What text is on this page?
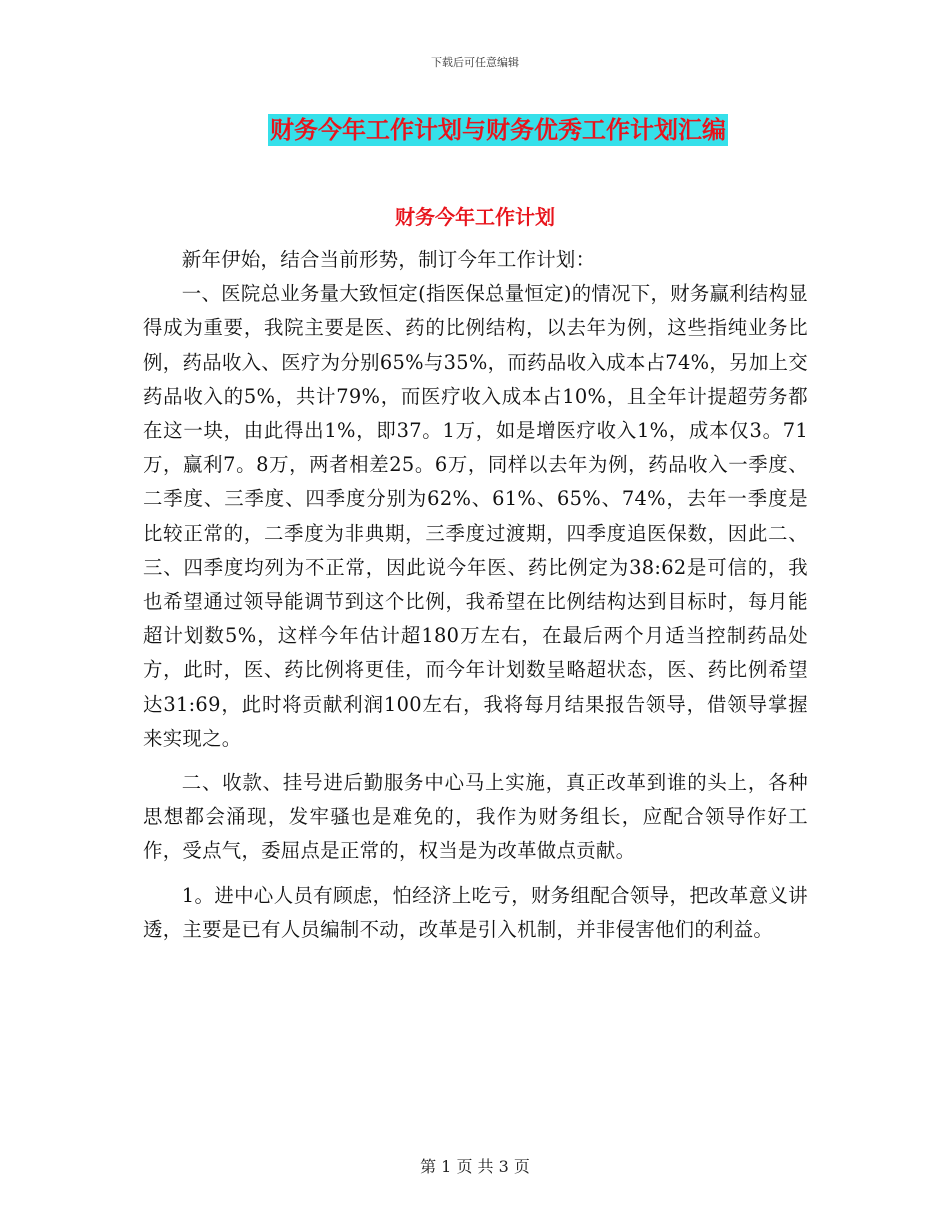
下载后可任意编辑
财务今年工作计划与财务优秀工作计划汇编
财务今年工作计划

新年伊始，结合当前形势，制订今年工作计划：

一、医院总业务量大致恒定(指医保总量恒定)的情况下，财务赢利结构显得成为重要，我院主要是医、药的比例结构，以去年为例，这些指纯业务比例，药品收入、医疗为分别65%与35%，而药品收入成本占74%，另加上交药品收入的5%，共计79%，而医疗收入成本占10%，且全年计提超劳务都在这一块，由此得出1%，即37。1万，如是增医疗收入1%，成本仅3。71万，赢利7。8万，两者相差25。6万，同样以去年为例，药品收入一季度、二季度、三季度、四季度分别为62%、61%、65%、74%，去年一季度是比较正常的，二季度为非典期，三季度过渡期，四季度追医保数，因此二、三、四季度均列为不正常，因此说今年医、药比例定为38:62是可信的，我也希望通过领导能调节到这个比例，我希望在比例结构达到目标时，每月能超计划数5%，这样今年估计超180万左右，在最后两个月适当控制药品处方，此时，医、药比例将更佳，而今年计划数呈略超状态，医、药比例希望达31:69，此时将贡献利润100左右，我将每月结果报告领导，借领导掌握来实现之。

二、收款、挂号进后勤服务中心马上实施，真正改革到谁的头上，各种思想都会涌现，发牢骚也是难免的，我作为财务组长，应配合领导作好工作，受点气，委屈点是正常的，权当是为改革做点贡献。

1。进中心人员有顾虑，怕经济上吃亏，财务组配合领导，把改革意义讲透，主要是已有人员编制不动，改革是引入机制，并非侵害他们的利益。

第 1 页 共 3 页
